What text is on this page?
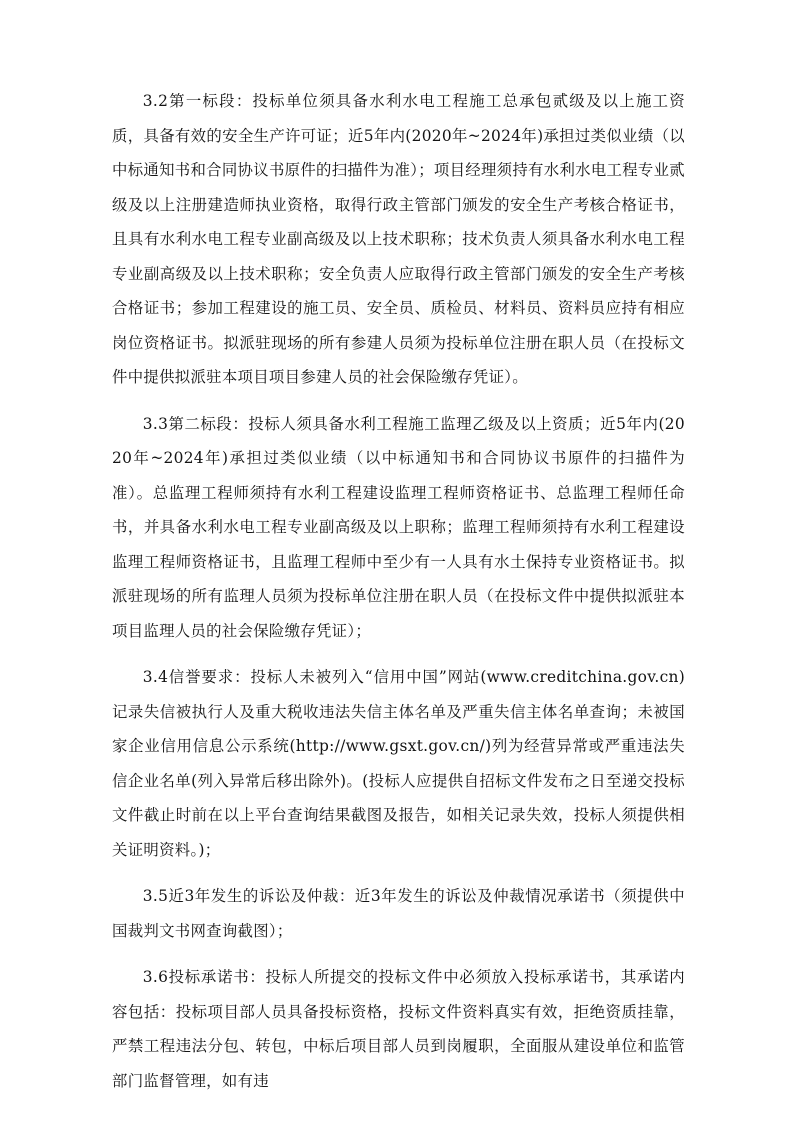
3.2第一标段：投标单位须具备水利水电工程施工总承包贰级及以上施工资质，具备有效的安全生产许可证；近5年内(2020年~2024年)承担过类似业绩（以中标通知书和合同协议书原件的扫描件为准）；项目经理须持有水利水电工程专业贰级及以上注册建造师执业资格，取得行政主管部门颁发的安全生产考核合格证书，且具有水利水电工程专业副高级及以上技术职称；技术负责人须具备水利水电工程专业副高级及以上技术职称；安全负责人应取得行政主管部门颁发的安全生产考核合格证书；参加工程建设的施工员、安全员、质检员、材料员、资料员应持有相应岗位资格证书。拟派驻现场的所有参建人员须为投标单位注册在职人员（在投标文件中提供拟派驻本项目项目参建人员的社会保险缴存凭证）。

3.3第二标段：投标人须具备水利工程施工监理乙级及以上资质；近5年内(2020年~2024年)承担过类似业绩（以中标通知书和合同协议书原件的扫描件为准）。总监理工程师须持有水利工程建设监理工程师资格证书、总监理工程师任命书，并具备水利水电工程专业副高级及以上职称；监理工程师须持有水利工程建设监理工程师资格证书，且监理工程师中至少有一人具有水土保持专业资格证书。拟派驻现场的所有监理人员须为投标单位注册在职人员（在投标文件中提供拟派驻本项目监理人员的社会保险缴存凭证）；

3.4信誉要求：投标人未被列入“信用中国”网站(www.creditchina.gov.cn)记录失信被执行人及重大税收违法失信主体名单及严重失信主体名单查询；未被国家企业信用信息公示系统(http://www.gsxt.gov.cn/)列为经营异常或严重违法失信企业名单(列入异常后移出除外)。(投标人应提供自招标文件发布之日至递交投标文件截止时前在以上平台查询结果截图及报告，如相关记录失效，投标人须提供相关证明资料。)；

3.5近3年发生的诉讼及仲裁：近3年发生的诉讼及仲裁情况承诺书（须提供中国裁判文书网查询截图）；

3.6投标承诺书：投标人所提交的投标文件中必须放入投标承诺书，其承诺内容包括：投标项目部人员具备投标资格，投标文件资料真实有效，拒绝资质挂靠，严禁工程违法分包、转包，中标后项目部人员到岗履职，全面服从建设单位和监管部门监督管理，如有违
